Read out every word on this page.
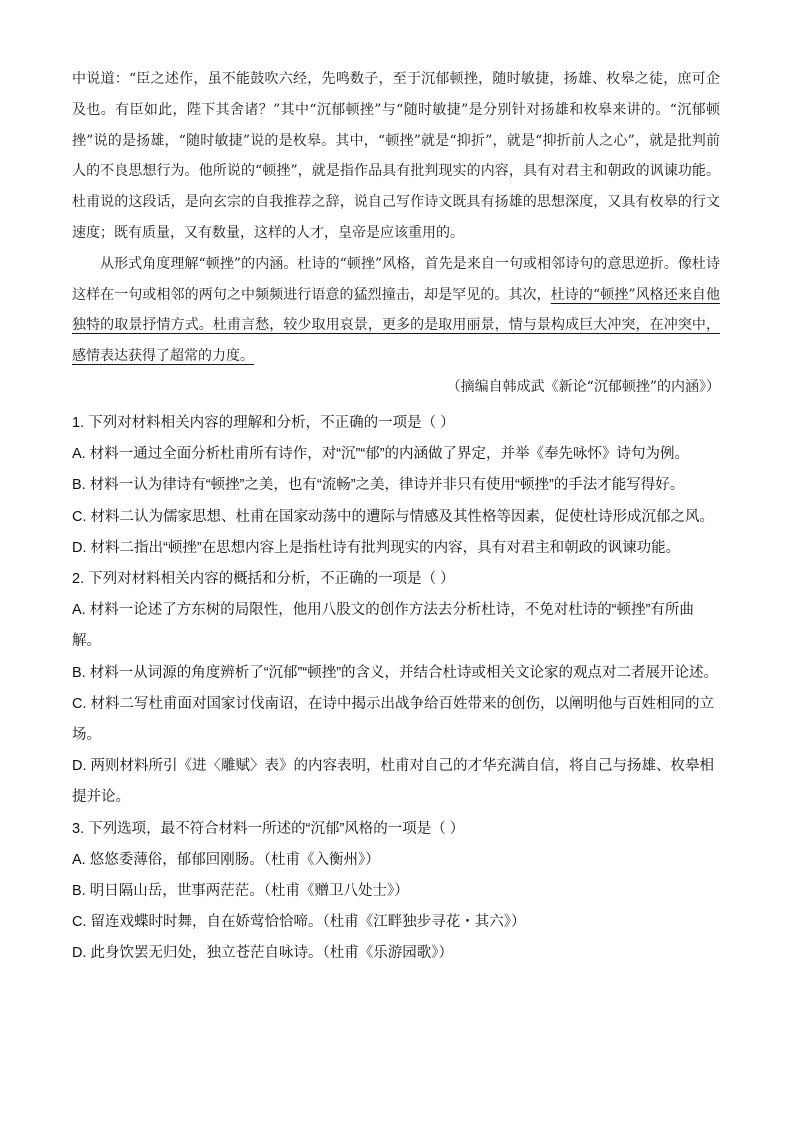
中说道：“臣之述作，虽不能鼓吹六经，先鸣数子，至于沉郁顿挫，随时敏捷，扬雄、枚皋之徒，庶可企及也。有臣如此，陛下其舍诸？”其中“沉郁顿挫”与“随时敏捷”是分别针对扬雄和枚皋来讲的。“沉郁顿挫”说的是扬雄，“随时敏捷”说的是枚皋。其中，“顿挫”就是“抑折”，就是“抑折前人之心”，就是批判前人的不良思想行为。他所说的“顿挫”，就是指作品具有批判现实的内容，具有对君主和朝政的讽谏功能。杜甫说的这段话，是向玄宗的自我推荐之辞，说自己写作诗文既具有扬雄的思想深度，又具有枚皋的行文速度；既有质量，又有数量，这样的人才，皇帝是应该重用的。

从形式角度理解“顿挫”的内涵。杜诗的“顿挫”风格，首先是来自一句或相邻诗句的意思逆折。像杜诗这样在一句或相邻的两句之中频频进行语意的猛烈撞击，却是罕见的。其次，杜诗的“顿挫”风格还来自他独特的取景抒情方式。杜甫言愁，较少取用哀景，更多的是取用丽景，情与景构成巨大冲突，在冲突中，感情表达获得了超常的力度。

（摘编自韩成武《新论“沉郁顿挫”的内涵》）

1. 下列对材料相关内容的理解和分析，不正确的一项是（ ）
A. 材料一通过全面分析杜甫所有诗作，对“沉”“郁”的内涵做了界定，并举《奉先咏怀》诗句为例。
B. 材料一认为律诗有“顿挫”之美，也有“流畅”之美，律诗并非只有使用“顿挫”的手法才能写得好。
C. 材料二认为儒家思想、杜甫在国家动荡中的遭际与情感及其性格等因素，促使杜诗形成沉郁之风。
D. 材料二指出“顿挫”在思想内容上是指杜诗有批判现实的内容，具有对君主和朝政的讽谏功能。
2. 下列对材料相关内容的概括和分析，不正确的一项是（ ）
A. 材料一论述了方东树的局限性，他用八股文的创作方法去分析杜诗，不免对杜诗的“顿挫”有所曲解。
B. 材料一从词源的角度辨析了“沉郁”“顿挫”的含义，并结合杜诗或相关文论家的观点对二者展开论述。
C. 材料二写杜甫面对国家讨伐南诏，在诗中揭示出战争给百姓带来的创伤，以阐明他与百姓相同的立场。
D. 两则材料所引《进〈雕赋〉表》的内容表明，杜甫对自己的才华充满自信，将自己与扬雄、枚皋相提并论。
3. 下列选项，最不符合材料一所述的“沉郁”风格的一项是（ ）
A. 悠悠委薄俗，郁郁回刚肠。（杜甫《入衡州》）
B. 明日隔山岳，世事两茫茫。（杜甫《赠卫八处士》）
C. 留连戏蝶时时舞，自在娇莺恰恰啼。（杜甫《江畔独步寻花・其六》）
D. 此身饮罢无归处，独立苍茫自咏诗。（杜甫《乐游园歌》）
